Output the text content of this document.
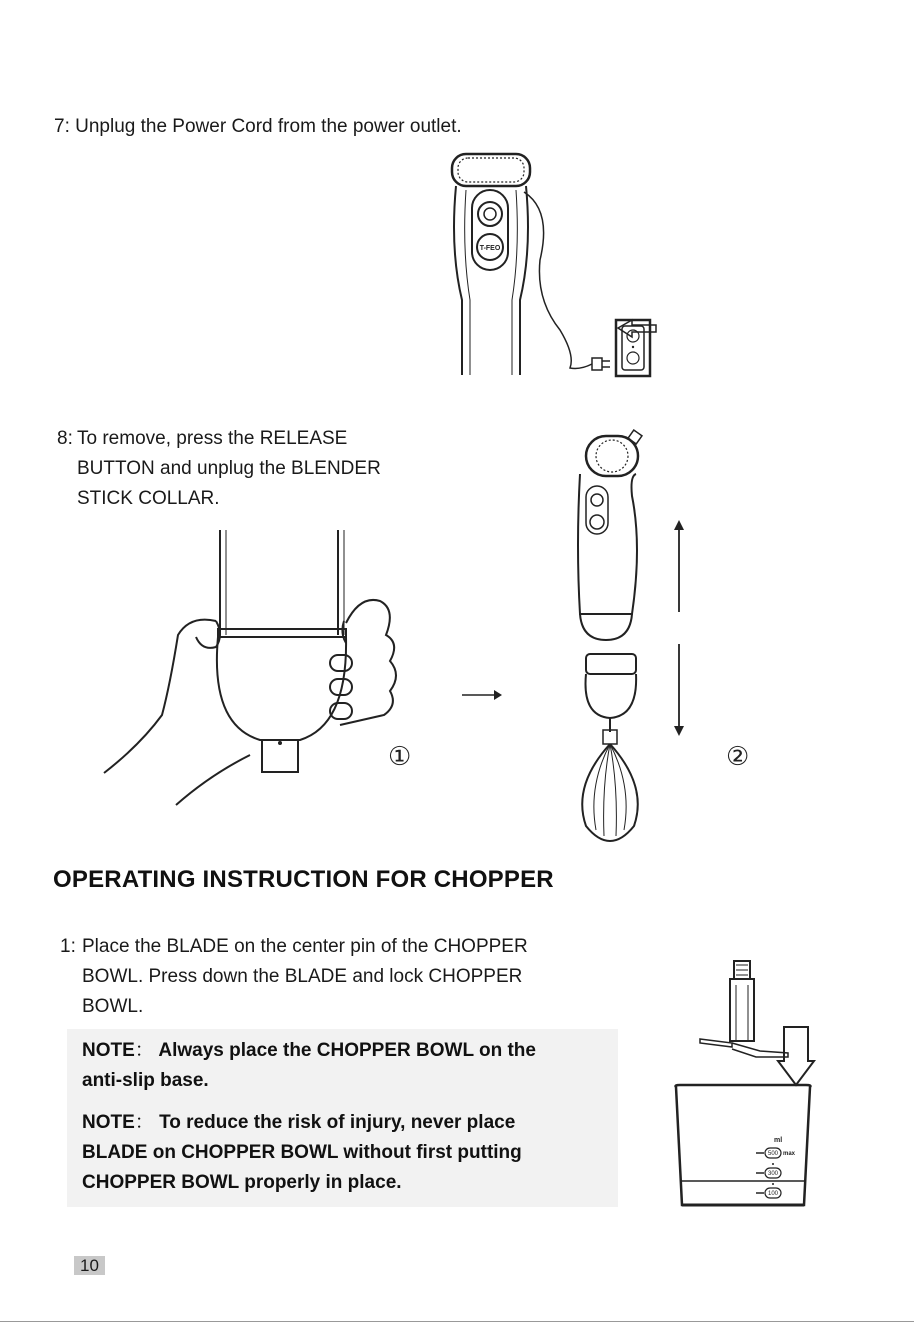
7: Unplug the Power Cord from the power outlet.
T-FEO
8: To remove, press the RELEASE
BUTTON and unplug the BLENDER
STICK COLLAR.
①	②
OPERATING INSTRUCTION FOR CHOPPER
1: Place the BLADE on the center pin of the CHOPPER
BOWL. Press down the BLADE and lock CHOPPER
BOWL.
NOTE： Always place the CHOPPER BOWL on the
anti-slip base.
NOTE： To reduce the risk of injury, never place
BLADE on CHOPPER BOWL without first putting
CHOPPER BOWL properly in place.
ml
500 max
300
100
10
